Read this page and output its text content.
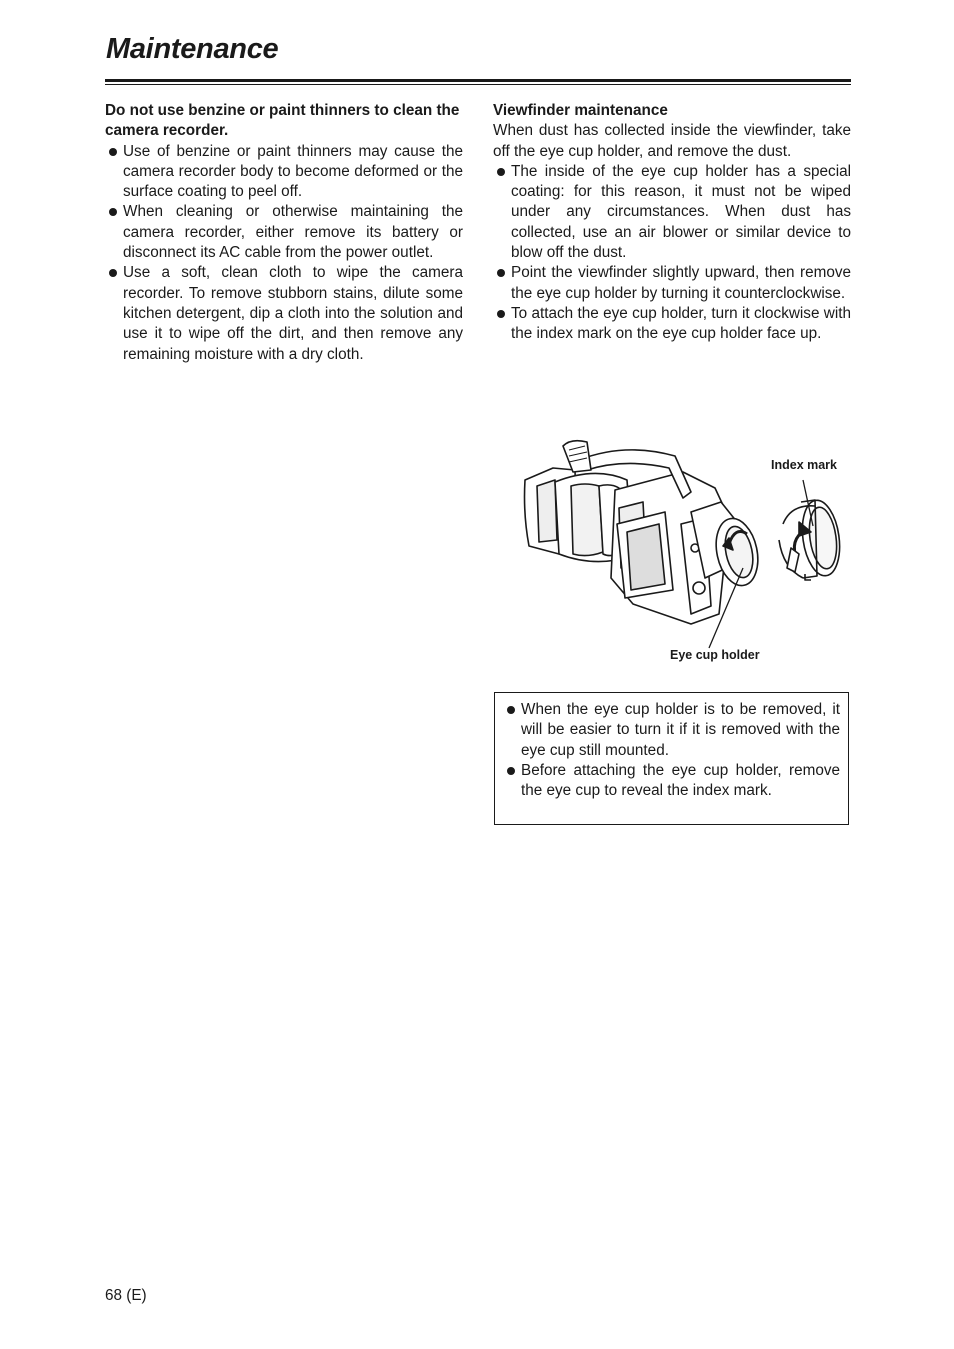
Maintenance
Do not use benzine or paint thinners to clean the camera recorder.
Use of benzine or paint thinners may cause the camera recorder body to become deformed or the surface coating to peel off.
When cleaning or otherwise maintaining the camera recorder, either remove its battery or disconnect its AC cable from the power outlet.
Use a soft, clean cloth to wipe the camera recorder. To remove stubborn stains, dilute some kitchen detergent, dip a cloth into the solution and use it to wipe off the dirt, and then remove any remaining moisture with a dry cloth.
Viewfinder maintenance
When dust has collected inside the viewfinder, take off the eye cup holder, and remove the dust.
The inside of the eye cup holder has a special coating: for this reason, it must not be wiped under any circumstances. When dust has collected, use an air blower or similar device to blow off the dust.
Point the viewfinder slightly upward, then remove the eye cup holder by turning it counterclockwise.
To attach the eye cup holder, turn it clockwise with the index mark on the eye cup holder face up.
Index mark
Eye cup holder
When the eye cup holder is to be removed, it will be easier to turn it if it is removed with the eye cup still mounted.
Before attaching the eye cup holder, remove the eye cup to reveal the index mark.
68 (E)
